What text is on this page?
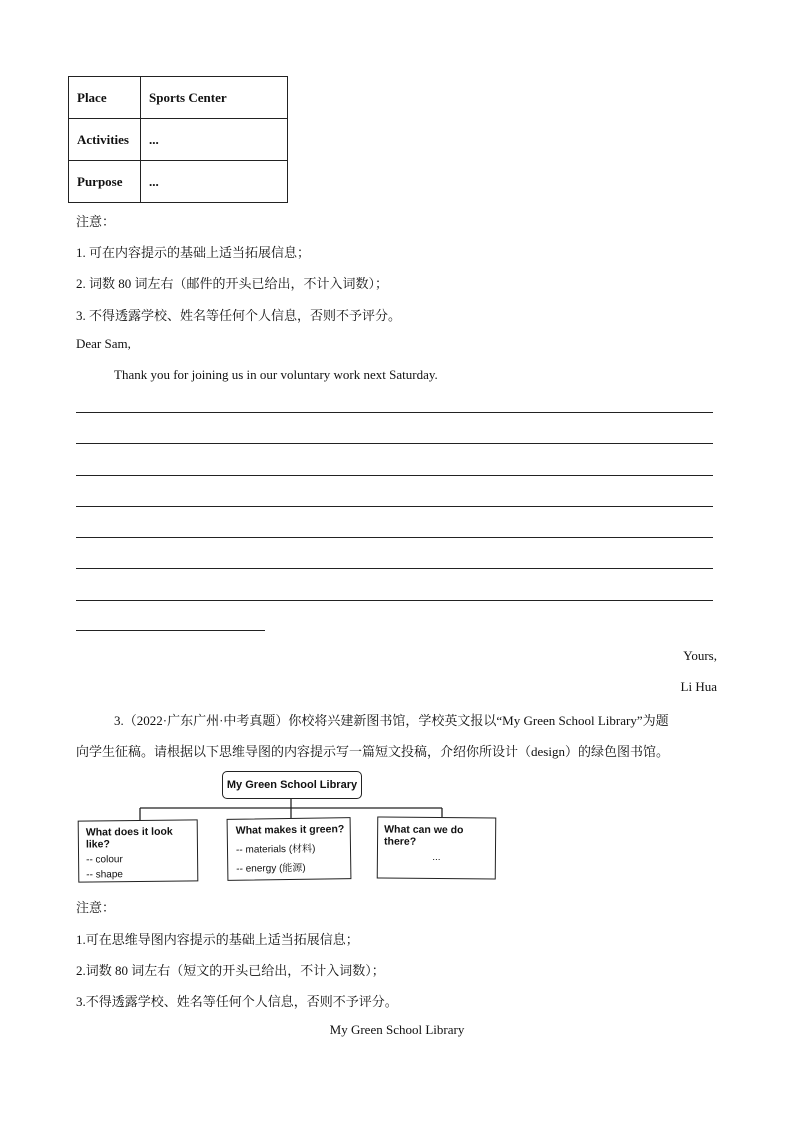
Place	Sports Center
Activities	...
Purpose	...
注意：
1. 可在内容提示的基础上适当拓展信息；
2. 词数 80 词左右（邮件的开头已给出，不计入词数）；
3. 不得透露学校、姓名等任何个人信息，否则不予评分。
Dear Sam,
Thank you for joining us in our voluntary work next Saturday.
Yours,
Li Hua
3.（2022·广东广州·中考真题）你校将兴建新图书馆，学校英文报以“My Green School Library”为题
向学生征稿。请根据以下思维导图的内容提示写一篇短文投稿，介绍你所设计（design）的绿色图书馆。
My Green School Library
What does it look like?
-- colour
-- shape
What makes it green?
-- materials (材料)
-- energy (能源)
What can we do there?
...
注意：
1.可在思维导图内容提示的基础上适当拓展信息；
2.词数 80 词左右（短文的开头已给出，不计入词数）；
3.不得透露学校、姓名等任何个人信息，否则不予评分。
My Green School Library
